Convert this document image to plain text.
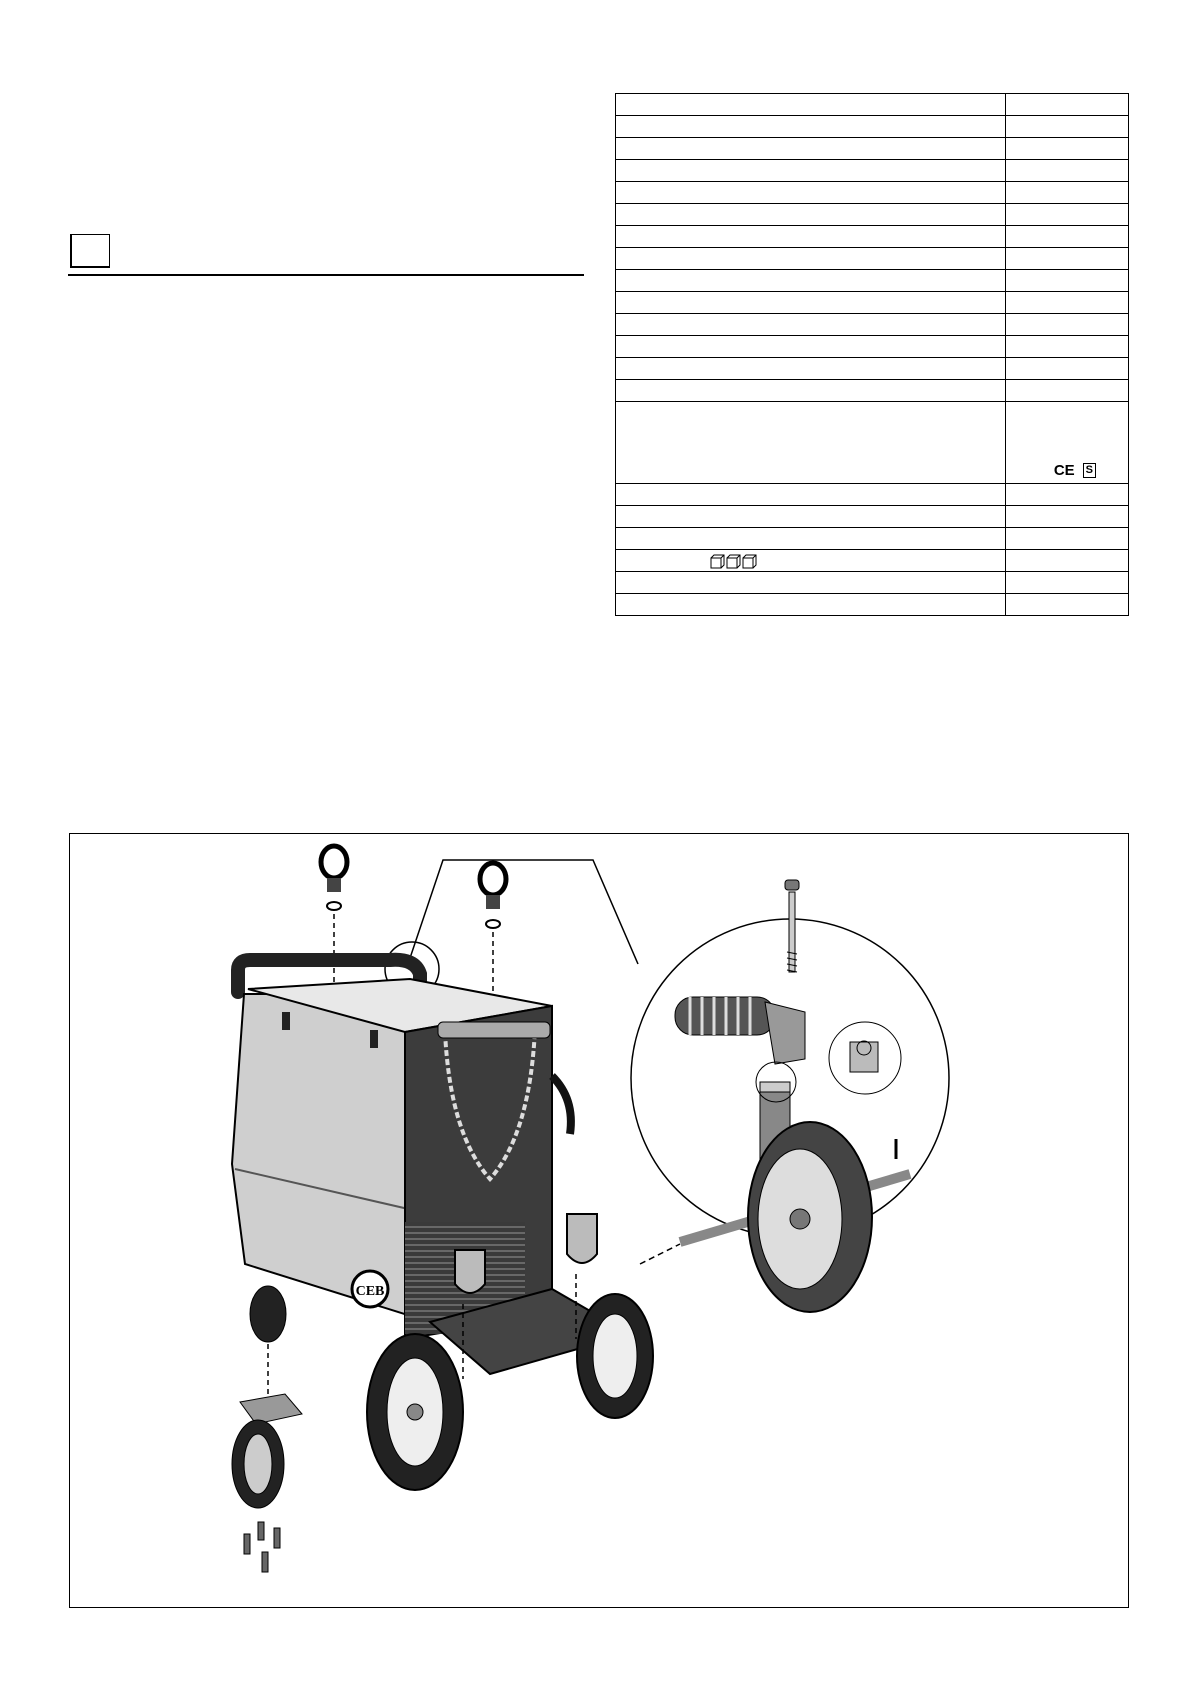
	CE S

CEB
